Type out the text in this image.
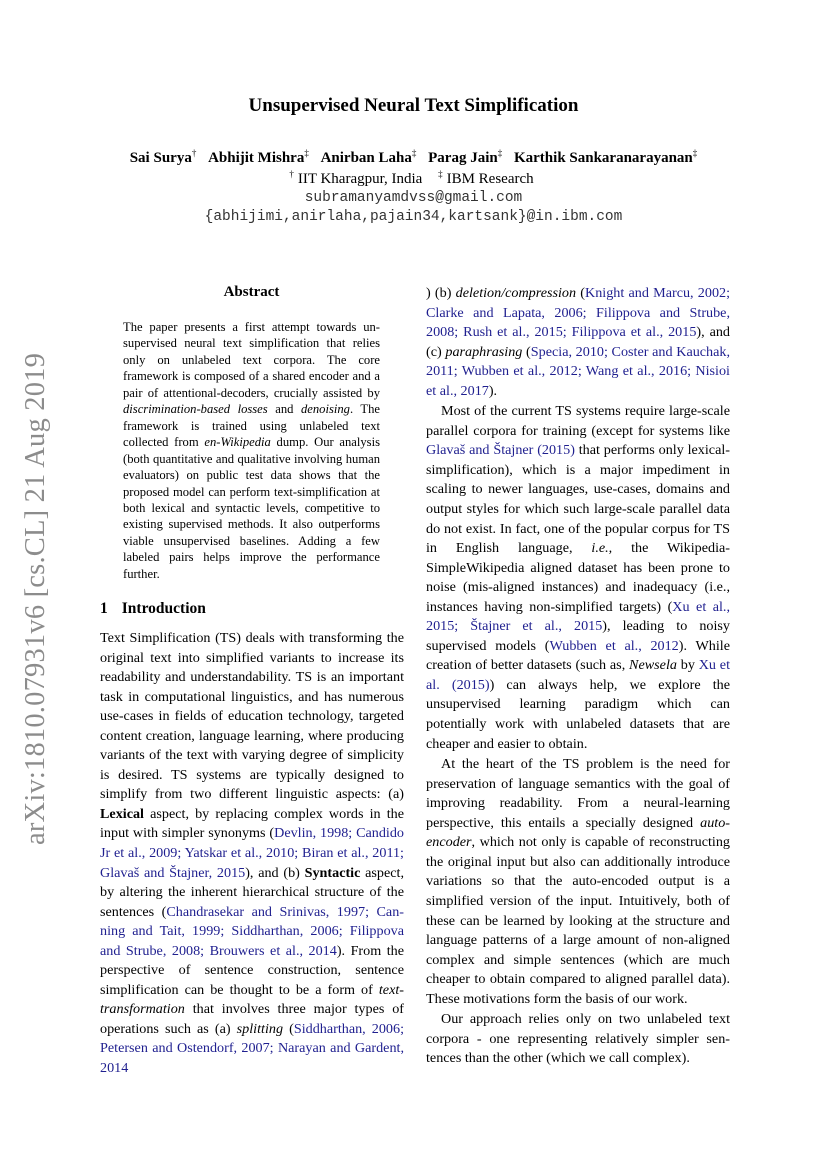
arXiv:1810.07931v6 [cs.CL] 21 Aug 2019
Unsupervised Neural Text Simplification
Sai Surya† Abhijit Mishra‡ Anirban Laha‡ Parag Jain‡ Karthik Sankaranarayanan‡
† IIT Kharagpur, India ‡ IBM Research
subramanyamdvss@gmail.com
{abhijimi,anirlaha,pajain34,kartsank}@in.ibm.com
Abstract
The paper presents a first attempt towards unsupervised neural text simplification that relies only on unlabeled text corpora. The core framework is composed of a shared encoder and a pair of attentional-decoders, crucially assisted by discrimination-based losses and denoising. The framework is trained using unlabeled text collected from en-Wikipedia dump. Our analysis (both quantitative and qualitative involving human evaluators) on public test data shows that the proposed model can perform text-simplification at both lexical and syntactic levels, competitive to existing supervised methods. It also outperforms viable unsupervised baselines. Adding a few labeled pairs helps improve the performance further.
1 Introduction

Text Simplification (TS) deals with transforming the original text into simplified variants to increase its readability and understandability. TS is an important task in computational linguistics, and has numerous use-cases in fields of education technology, targeted content creation, language learning, where producing variants of the text with varying degree of simplicity is desired. TS systems are typically designed to simplify from two different linguistic aspects: (a) Lexical aspect, by replacing complex words in the input with simpler synonyms (Devlin, 1998; Candido Jr et al., 2009; Yatskar et al., 2010; Biran et al., 2011; Glavaš and Štajner, 2015), and (b) Syntactic aspect, by altering the inherent hierarchical structure of the sentences (Chandrasekar and Srinivas, 1997; Canning and Tait, 1999; Siddharthan, 2006; Filippova and Strube, 2008; Brouwers et al., 2014). From the perspective of sentence construction, sentence simplification can be thought to be a form of text-transformation that involves three major types of operations such as (a) splitting (Siddharthan, 2006; Petersen and Ostendorf, 2007; Narayan and Gardent, 2014

) (b) deletion/compression (Knight and Marcu, 2002; Clarke and Lapata, 2006; Filippova and Strube, 2008; Rush et al., 2015; Filippova et al., 2015), and (c) paraphrasing (Specia, 2010; Coster and Kauchak, 2011; Wubben et al., 2012; Wang et al., 2016; Nisioi et al., 2017).

Most of the current TS systems require large-scale parallel corpora for training (except for systems like Glavaš and Štajner (2015) that performs only lexical-simplification), which is a major impediment in scaling to newer languages, use-cases, domains and output styles for which such large-scale parallel data do not exist. In fact, one of the popular corpus for TS in English language, i.e., the Wikipedia-SimpleWikipedia aligned dataset has been prone to noise (mis-aligned instances) and inadequacy (i.e., instances having non-simplified targets) (Xu et al., 2015; Štajner et al., 2015), leading to noisy supervised models (Wubben et al., 2012). While creation of better datasets (such as, Newsela by Xu et al. (2015)) can always help, we explore the unsupervised learning paradigm which can potentially work with unlabeled datasets that are cheaper and easier to obtain.

At the heart of the TS problem is the need for preservation of language semantics with the goal of improving readability. From a neural-learning perspective, this entails a specially designed auto-encoder, which not only is capable of reconstructing the original input but also can additionally introduce variations so that the auto-encoded output is a simplified version of the input. Intuitively, both of these can be learned by looking at the structure and language patterns of a large amount of non-aligned complex and simple sentences (which are much cheaper to obtain compared to aligned parallel data). These motivations form the basis of our work.

Our approach relies only on two unlabeled text corpora - one representing relatively simpler sentences than the other (which we call complex).
